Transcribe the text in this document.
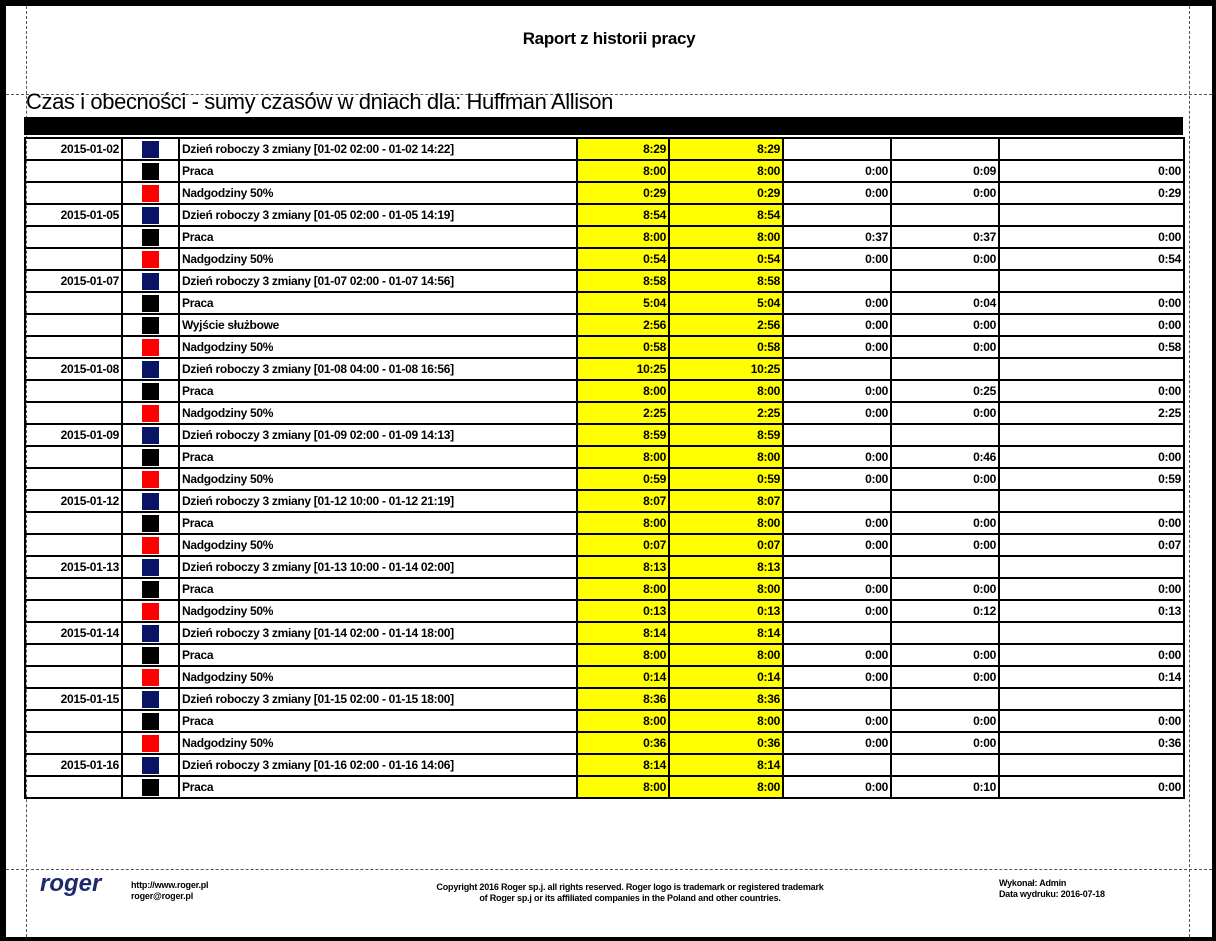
Raport z historii pracy
Czas i obecności - sumy czasów w dniach dla: Huffman Allison
2015-01-02		Dzień roboczy 3 zmiany [01-02 02:00 - 01-02 14:22]	8:29	8:29			
		Praca	8:00	8:00	0:00	0:09	0:00
		Nadgodziny 50%	0:29	0:29	0:00	0:00	0:29
2015-01-05		Dzień roboczy 3 zmiany [01-05 02:00 - 01-05 14:19]	8:54	8:54			
		Praca	8:00	8:00	0:37	0:37	0:00
		Nadgodziny 50%	0:54	0:54	0:00	0:00	0:54
2015-01-07		Dzień roboczy 3 zmiany [01-07 02:00 - 01-07 14:56]	8:58	8:58			
		Praca	5:04	5:04	0:00	0:04	0:00
		Wyjście służbowe	2:56	2:56	0:00	0:00	0:00
		Nadgodziny 50%	0:58	0:58	0:00	0:00	0:58
2015-01-08		Dzień roboczy 3 zmiany [01-08 04:00 - 01-08 16:56]	10:25	10:25			
		Praca	8:00	8:00	0:00	0:25	0:00
		Nadgodziny 50%	2:25	2:25	0:00	0:00	2:25
2015-01-09		Dzień roboczy 3 zmiany [01-09 02:00 - 01-09 14:13]	8:59	8:59			
		Praca	8:00	8:00	0:00	0:46	0:00
		Nadgodziny 50%	0:59	0:59	0:00	0:00	0:59
2015-01-12		Dzień roboczy 3 zmiany [01-12 10:00 - 01-12 21:19]	8:07	8:07			
		Praca	8:00	8:00	0:00	0:00	0:00
		Nadgodziny 50%	0:07	0:07	0:00	0:00	0:07
2015-01-13		Dzień roboczy 3 zmiany [01-13 10:00 - 01-14 02:00]	8:13	8:13			
		Praca	8:00	8:00	0:00	0:00	0:00
		Nadgodziny 50%	0:13	0:13	0:00	0:12	0:13
2015-01-14		Dzień roboczy 3 zmiany [01-14 02:00 - 01-14 18:00]	8:14	8:14			
		Praca	8:00	8:00	0:00	0:00	0:00
		Nadgodziny 50%	0:14	0:14	0:00	0:00	0:14
2015-01-15		Dzień roboczy 3 zmiany [01-15 02:00 - 01-15 18:00]	8:36	8:36			
		Praca	8:00	8:00	0:00	0:00	0:00
		Nadgodziny 50%	0:36	0:36	0:00	0:00	0:36
2015-01-16		Dzień roboczy 3 zmiany [01-16 02:00 - 01-16 14:06]	8:14	8:14			
		Praca	8:00	8:00	0:00	0:10	0:00
roger	http://www.roger.pl
roger@roger.pl
Copyright 2016 Roger sp.j. all rights reserved. Roger logo is trademark or registered trademark
of Roger sp.j or its affiliated companies in the Poland and other countries.
Wykonał: Admin
Data wydruku: 2016-07-18
